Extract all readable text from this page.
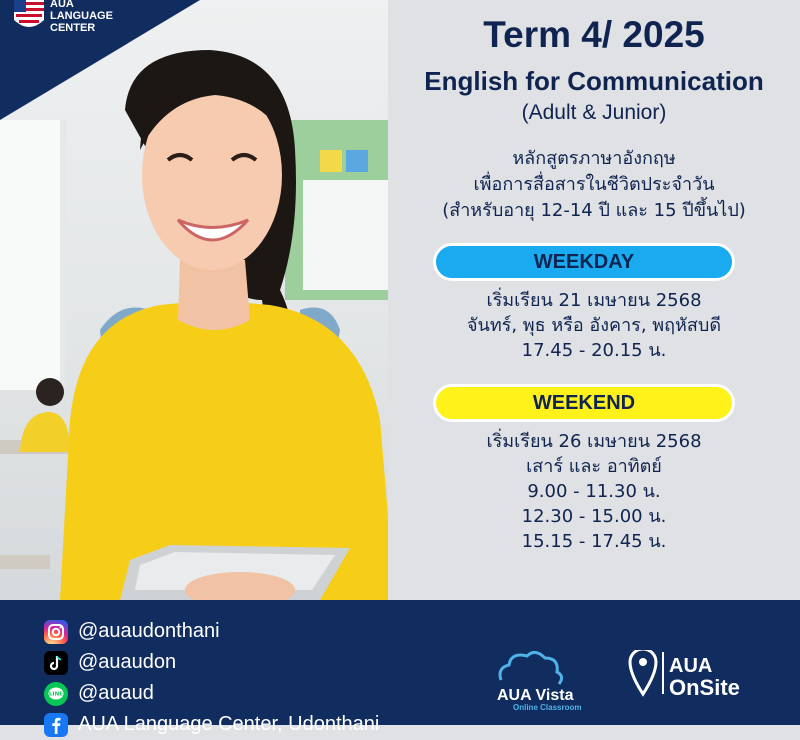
AUA
LANGUAGE
CENTER	Term 4/ 2025
English for Communication
(Adult & Junior)
หลักสูตรภาษาอังกฤษ
เพื่อการสื่อสารในชีวิตประจำวัน
(สำหรับอายุ 12-14 ปี และ 15 ปีขึ้นไป)
WEEKDAY
เริ่มเรียน 21 เมษายน 2568
จันทร์, พุธ หรือ อังคาร, พฤหัสบดี
17.45 - 20.15 น.
WEEKEND
เริ่มเรียน 26 เมษายน 2568
เสาร์ และ อาทิตย์
9.00 - 11.30 น.
12.30 - 15.00 น.
15.15 - 17.45 น.
@auaudonthani
@auaudon
LINE @auaud
AUA Language Center, Udonthani
AUA Vista
Online Classroom
AUA
OnSite
